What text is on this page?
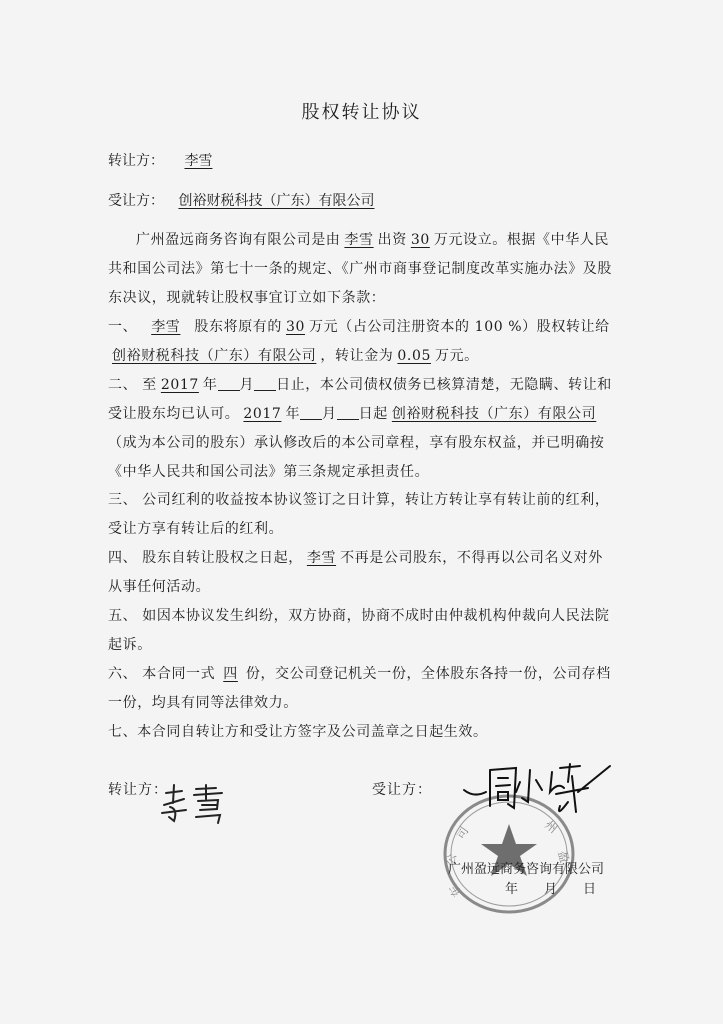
股权转让协议
转让方： 李雪
受让方： 创裕财税科技（广东）有限公司
广州盈远商务咨询有限公司是由 李雪 出资 30 万元设立。根据《中华人民共和国公司法》第七十一条的规定、《广州市商事登记制度改革实施办法》及股东决议，现就转让股权事宜订立如下条款：
一、 李雪 股东将原有的 30 万元（占公司注册资本的 100 %）股权转让给创裕财税科技（广东）有限公司 ，转让金为 0.05 万元。
二、 至 2017 年 月 日止，本公司债权债务已核算清楚，无隐瞒、转让和受让股东均已认可。 2017 年 月 日起 创裕财税科技（广东）有限公司（成为本公司的股东）承认修改后的本公司章程，享有股东权益，并已明确按《中华人民共和国公司法》第三条规定承担责任。
三、 公司红利的收益按本协议签订之日计算，转让方转让享有转让前的红利，受让方享有转让后的红利。
四、 股东自转让股权之日起， 李雪 不再是公司股东，不得再以公司名义对外从事任何活动。
五、 如因本协议发生纠纷，双方协商，协商不成时由仲裁机构仲裁向人民法院起诉。
六、 本合同一式 四 份，交公司登记机关一份，全体股东各持一份，公司存档一份，均具有同等法律效力。
七、本合同自转让方和受让方签字及公司盖章之日起生效。
转让方：	受让方：
司
公
东
州
盈
广州盈远商务咨询有限公司
年 月 日
